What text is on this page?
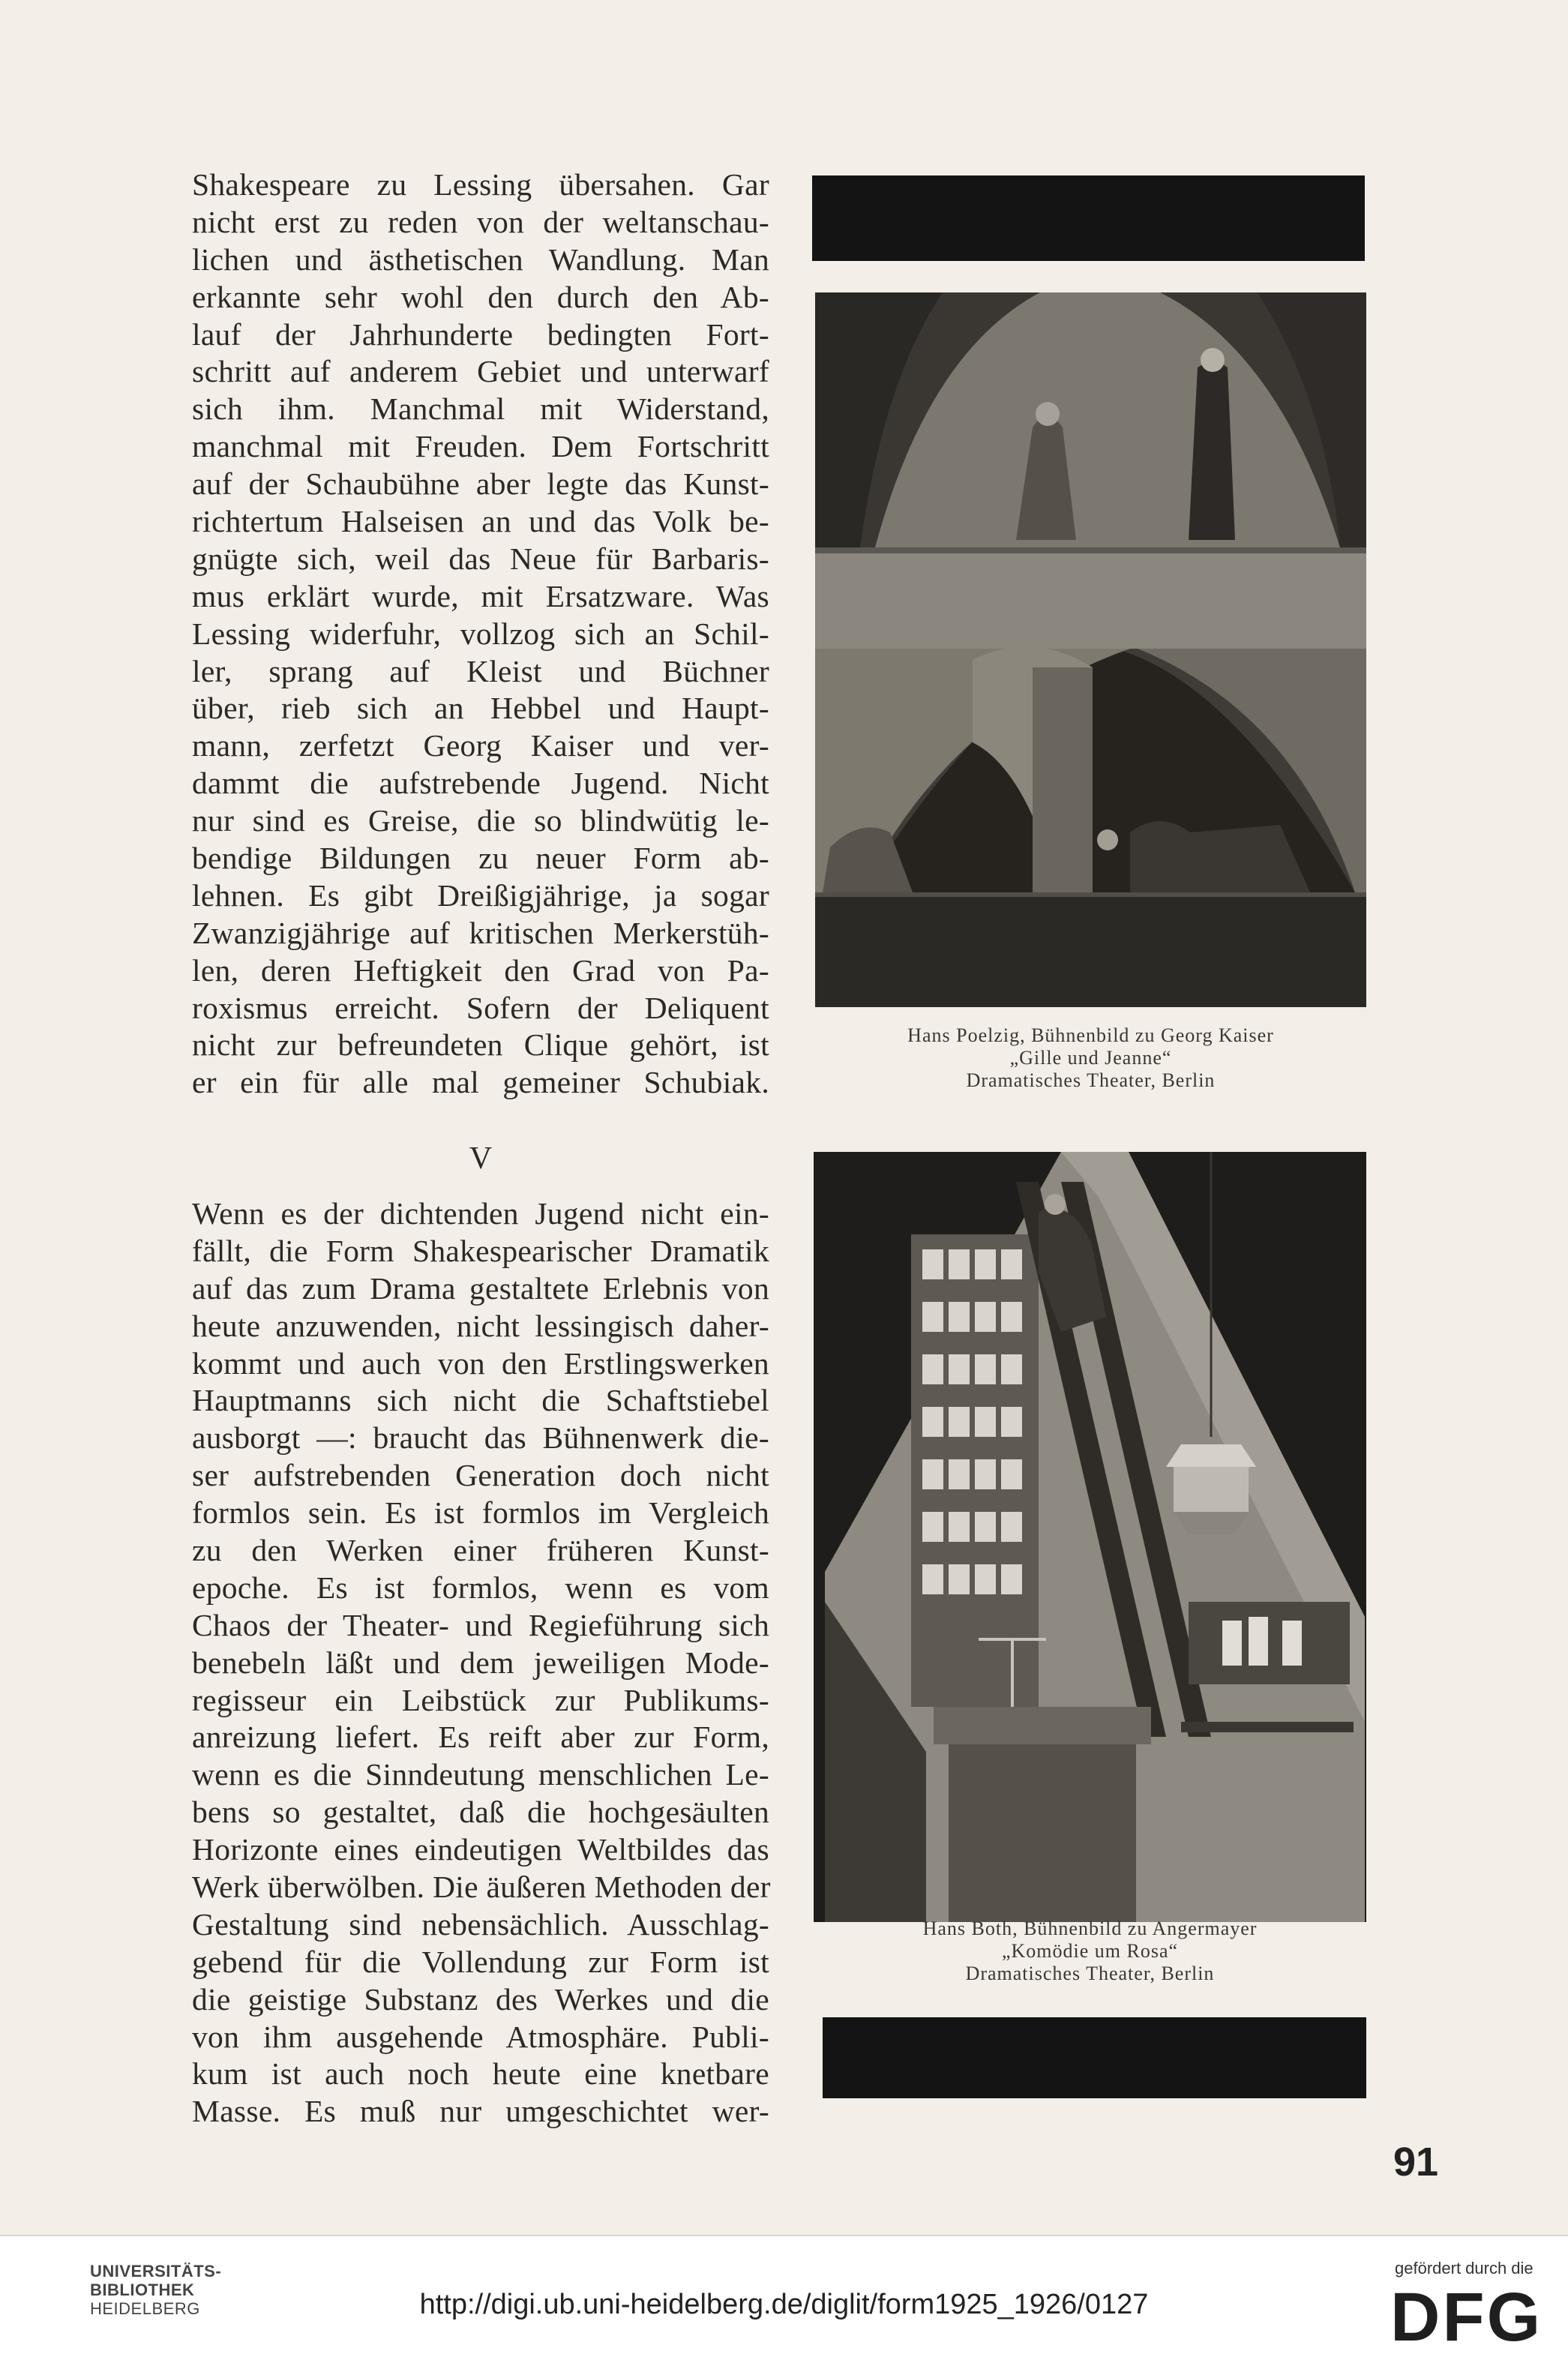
Shakespeare zu Lessing übersahen. Gar
nicht erst zu reden von der weltanschau-
lichen und ästhetischen Wandlung. Man
erkannte sehr wohl den durch den Ab-
lauf der Jahrhunderte bedingten Fort-
schritt auf anderem Gebiet und unterwarf
sich ihm. Manchmal mit Widerstand,
manchmal mit Freuden. Dem Fortschritt
auf der Schaubühne aber legte das Kunst-
richtertum Halseisen an und das Volk be-
gnügte sich, weil das Neue für Barbaris-
mus erklärt wurde, mit Ersatzware. Was
Lessing widerfuhr, vollzog sich an Schil-
ler, sprang auf Kleist und Büchner
über, rieb sich an Hebbel und Haupt-
mann, zerfetzt Georg Kaiser und ver-
dammt die aufstrebende Jugend. Nicht
nur sind es Greise, die so blindwütig le-
bendige Bildungen zu neuer Form ab-
lehnen. Es gibt Dreißigjährige, ja sogar
Zwanzigjährige auf kritischen Merkerstüh-
len, deren Heftigkeit den Grad von Pa-
roxismus erreicht. Sofern der Deliquent
nicht zur befreundeten Clique gehört, ist
er ein für alle mal gemeiner Schubiak.
V
Wenn es der dichtenden Jugend nicht ein-
fällt, die Form Shakespearischer Dramatik
auf das zum Drama gestaltete Erlebnis von
heute anzuwenden, nicht lessingisch daher-
kommt und auch von den Erstlingswerken
Hauptmanns sich nicht die Schaftstiebel
ausborgt —: braucht das Bühnenwerk die-
ser aufstrebenden Generation doch nicht
formlos sein. Es ist formlos im Vergleich
zu den Werken einer früheren Kunst-
epoche. Es ist formlos, wenn es vom
Chaos der Theater- und Regieführung sich
benebeln läßt und dem jeweiligen Mode-
regisseur ein Leibstück zur Publikums-
anreizung liefert. Es reift aber zur Form,
wenn es die Sinndeutung menschlichen Le-
bens so gestaltet, daß die hochgesäulten
Horizonte eines eindeutigen Weltbildes das
Werk überwölben. Die äußeren Methoden der
Gestaltung sind nebensächlich. Ausschlag-
gebend für die Vollendung zur Form ist
die geistige Substanz des Werkes und die
von ihm ausgehende Atmosphäre. Publi-
kum ist auch noch heute eine knetbare
Masse. Es muß nur umgeschichtet wer-
Hans Poelzig, Bühnenbild zu Georg Kaiser
„Gille und Jeanne“
Dramatisches Theater, Berlin
Hans Both, Bühnenbild zu Angermayer
„Komödie um Rosa“
Dramatisches Theater, Berlin
91
UNIVERSITÄTS-
BIBLIOTHEK
HEIDELBERG	http://digi.ub.uni-heidelberg.de/diglit/form1925_1926/0127
gefördert durch die
DFG
